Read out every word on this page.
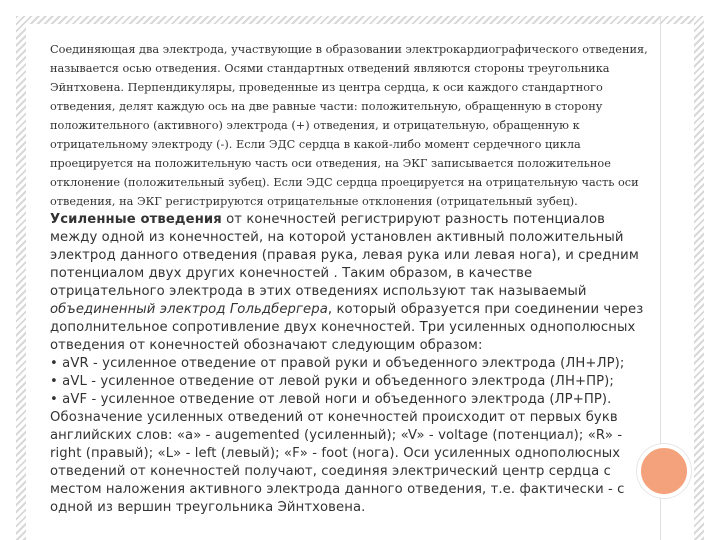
Соединяющая два электрода, участвующие в образовании электрокардиографического отведения, называется осью отведения. Осями стандартных отведений являются стороны треугольника Эйнтховена. Перпендикуляры, проведенные из центра сердца, к оси каждого стандартного отведения, делят каждую ось на две равные части: положительную, обращенную в сторону положительного (активного) электрода (+) отведения, и отрицательную, обращенную к отрицательному электроду (-). Если ЭДС сердца в какой-либо момент сердечного цикла проецируется на положительную часть оси отведения, на ЭКГ записывается положительное отклонение (положительный зубец). Если ЭДС сердца проецируется на отрицательную часть оси отведения, на ЭКГ регистрируются отрицательные отклонения (отрицательный зубец).

Усиленные отведения от конечностей регистрируют разность потенциалов между одной из конечностей, на которой установлен активный положительный электрод данного отведения (правая рука, левая рука или левая нога), и средним потенциалом двух других конечностей . Таким образом, в качестве отрицательного электрода в этих отведениях используют так называемый объединенный электрод Гольдбергера, который образуется при соединении через дополнительное сопротивление двух конечностей. Три усиленных однополюсных отведения от конечностей обозначают следующим образом:

• aVR - усиленное отведение от правой руки и объеденного электрода (ЛН+ЛР);

• aVL - усиленное отведение от левой руки и объеденного электрода (ЛН+ПР);

• aVF - усиленное отведение от левой ноги и объеденного электрода (ЛР+ПР). Обозначение усиленных отведений от конечностей происходит от первых букв английских слов: «a» - augemented (усиленный); «V» - voltage (потенциал); «R» - right (правый); «L» - left (левый); «F» - foot (нога). Оси усиленных однополюсных отведений от конечностей получают, соединяя электрический центр сердца с местом наложения активного электрода данного отведения, т.е. фактически - с одной из вершин треугольника Эйнтховена.
